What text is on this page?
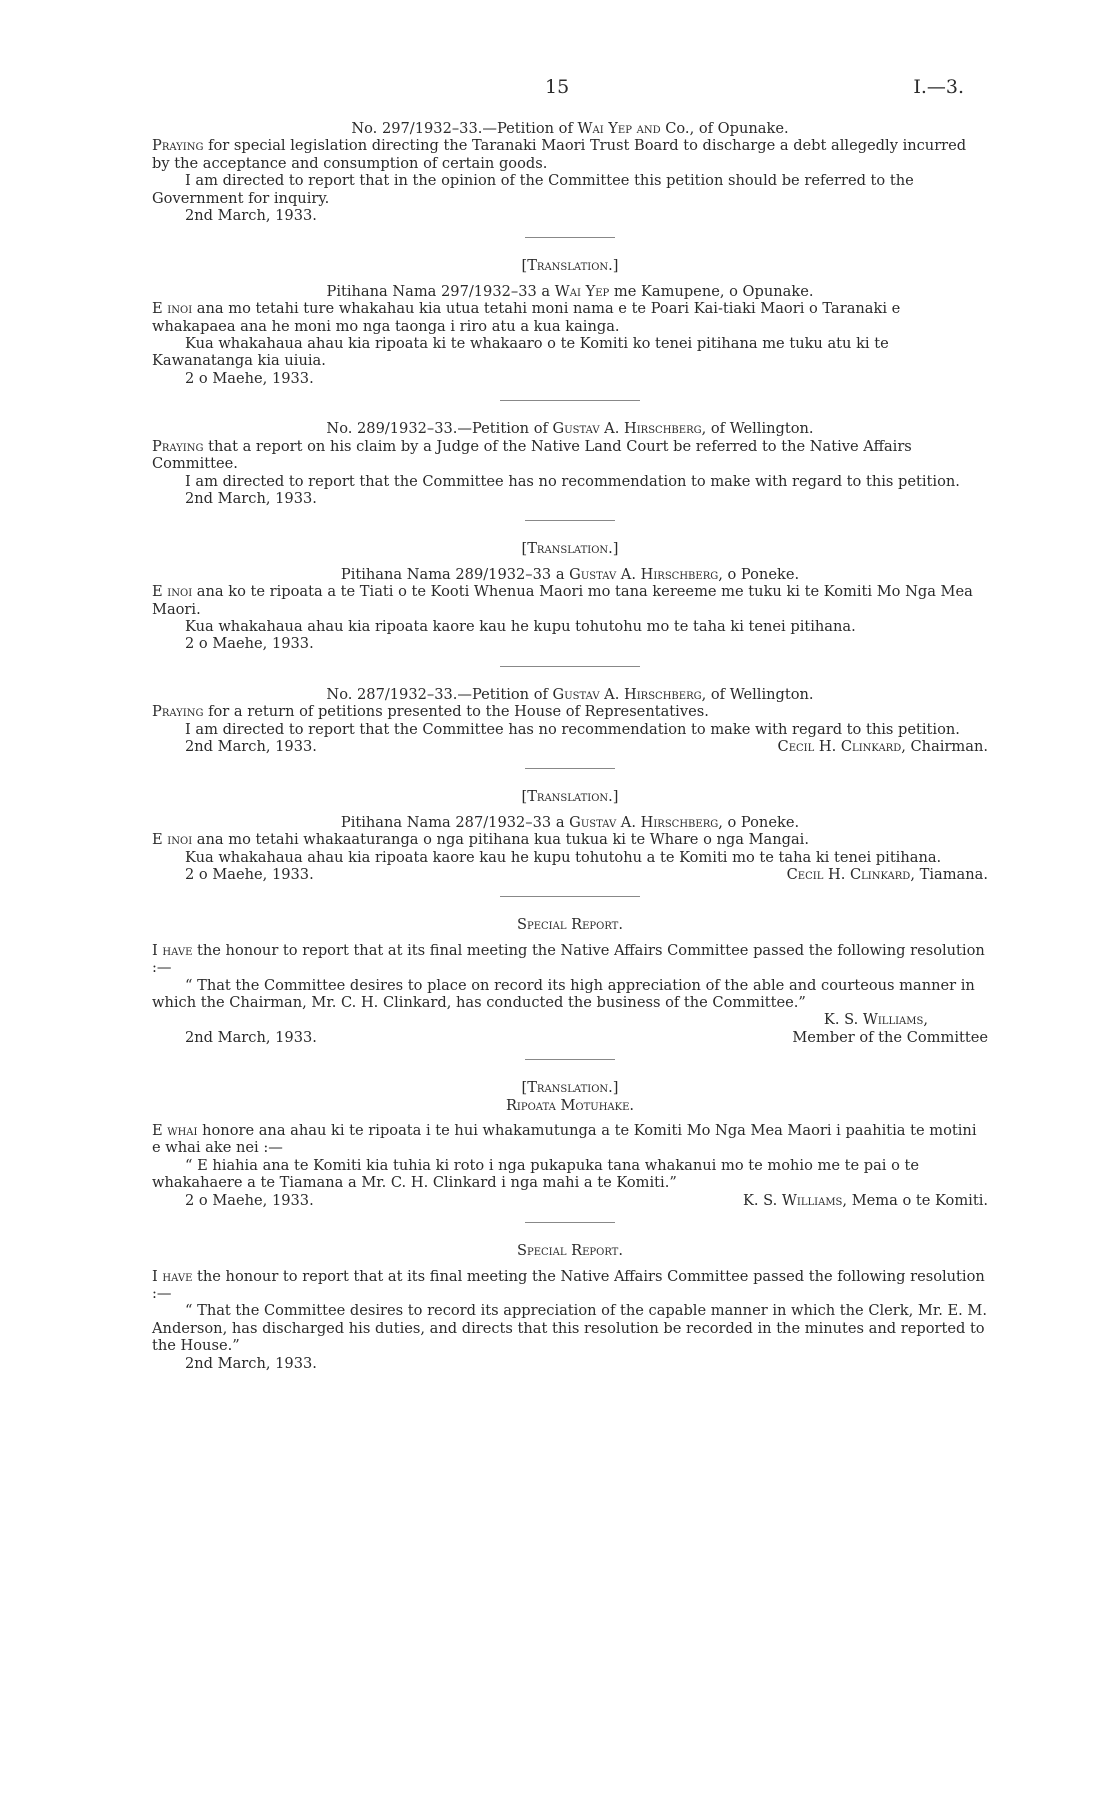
15	I.—3.

No. 297/1932–33.—Petition of Wai Yep and Co., of Opunake.

Praying for special legislation directing the Taranaki Maori Trust Board to discharge a debt allegedly incurred by the acceptance and consumption of certain goods.

I am directed to report that in the opinion of the Committee this petition should be referred to the Government for inquiry.

2nd March, 1933.

[Translation.]

Pitihana Nama 297/1932–33 a Wai Yep me Kamupene, o Opunake.

E inoi ana mo tetahi ture whakahau kia utua tetahi moni nama e te Poari Kai-tiaki Maori o Taranaki e whakapaea ana he moni mo nga taonga i riro atu a kua kainga.

Kua whakahaua ahau kia ripoata ki te whakaaro o te Komiti ko tenei pitihana me tuku atu ki te Kawanatanga kia uiuia.

2 o Maehe, 1933.

No. 289/1932–33.—Petition of Gustav A. Hirschberg, of Wellington.

Praying that a report on his claim by a Judge of the Native Land Court be referred to the Native Affairs Committee.

I am directed to report that the Committee has no recommendation to make with regard to this petition.

2nd March, 1933.

[Translation.]

Pitihana Nama 289/1932–33 a Gustav A. Hirschberg, o Poneke.

E inoi ana ko te ripoata a te Tiati o te Kooti Whenua Maori mo tana kereeme me tuku ki te Komiti Mo Nga Mea Maori.

Kua whakahaua ahau kia ripoata kaore kau he kupu tohutohu mo te taha ki tenei pitihana.

2 o Maehe, 1933.

No. 287/1932–33.—Petition of Gustav A. Hirschberg, of Wellington.

Praying for a return of petitions presented to the House of Representatives.

I am directed to report that the Committee has no recommendation to make with regard to this petition.

2nd March, 1933.	Cecil H. Clinkard, Chairman.

[Translation.]

Pitihana Nama 287/1932–33 a Gustav A. Hirschberg, o Poneke.

E inoi ana mo tetahi whakaaturanga o nga pitihana kua tukua ki te Whare o nga Mangai.

Kua whakahaua ahau kia ripoata kaore kau he kupu tohutohu a te Komiti mo te taha ki tenei pitihana.

2 o Maehe, 1933.	Cecil H. Clinkard, Tiamana.

Special Report.

I have the honour to report that at its final meeting the Native Affairs Committee passed the following resolution :—

“ That the Committee desires to place on record its high appreciation of the able and courteous manner in which the Chairman, Mr. C. H. Clinkard, has conducted the business of the Committee.”

K. S. Williams,

2nd March, 1933.	Member of the Committee

[Translation.]

Ripoata Motuhake.

E whai honore ana ahau ki te ripoata i te hui whakamutunga a te Komiti Mo Nga Mea Maori i paahitia te motini e whai ake nei :—

“ E hiahia ana te Komiti kia tuhia ki roto i nga pukapuka tana whakanui mo te mohio me te pai o te whakahaere a te Tiamana a Mr. C. H. Clinkard i nga mahi a te Komiti.”

2 o Maehe, 1933.	K. S. Williams, Mema o te Komiti.

Special Report.

I have the honour to report that at its final meeting the Native Affairs Committee passed the following resolution :—

“ That the Committee desires to record its appreciation of the capable manner in which the Clerk, Mr. E. M. Anderson, has discharged his duties, and directs that this resolution be recorded in the minutes and reported to the House.”

2nd March, 1933.
